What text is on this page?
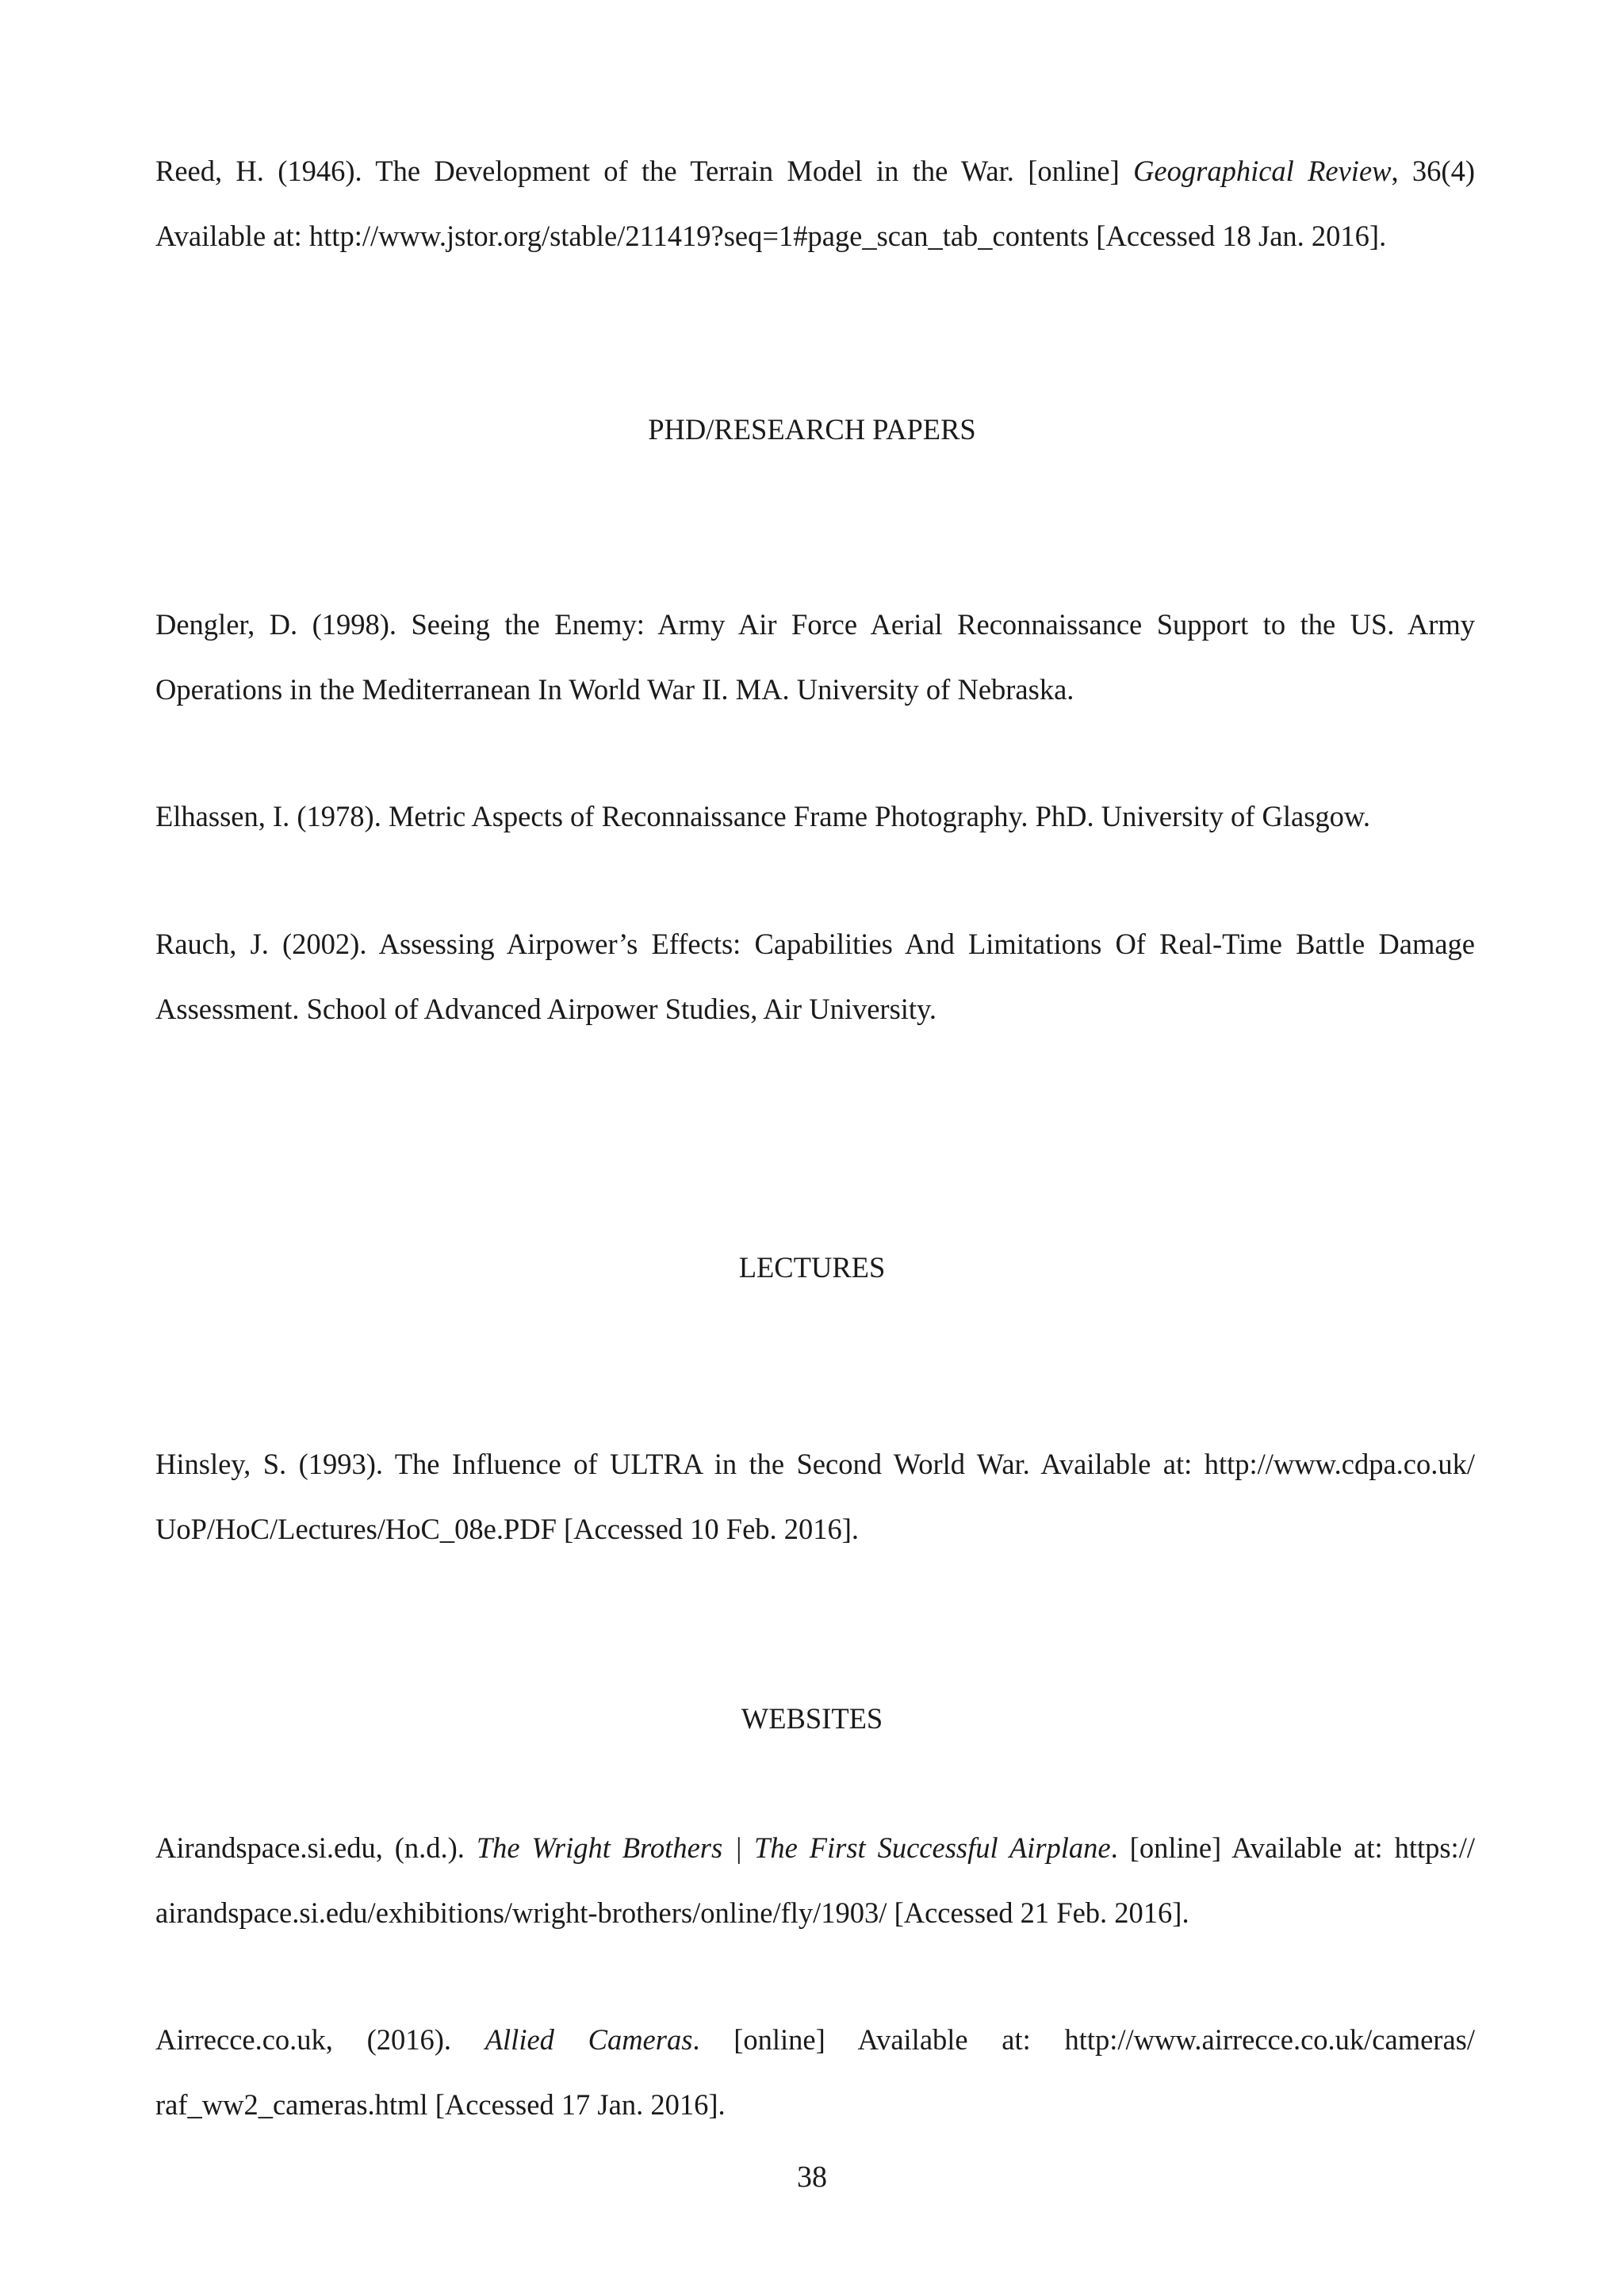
Reed, H. (1946). The Development of the Terrain Model in the War. [online] Geographical Review, 36(4)
Available at: http://www.jstor.org/stable/211419?seq=1#page_scan_tab_contents [Accessed 18 Jan. 2016].
PHD/RESEARCH PAPERS
Dengler, D. (1998). Seeing the Enemy: Army Air Force Aerial Reconnaissance Support to the US. Army
Operations in the Mediterranean In World War II. MA. University of Nebraska.
Elhassen, I. (1978). Metric Aspects of Reconnaissance Frame Photography. PhD. University of Glasgow.
Rauch, J. (2002). Assessing Airpower’s Effects: Capabilities And Limitations Of Real-Time Battle Damage
Assessment. School of Advanced Airpower Studies, Air University.
LECTURES
Hinsley, S. (1993). The Influence of ULTRA in the Second World War. Available at: http://www.cdpa.co.uk/
UoP/HoC/Lectures/HoC_08e.PDF [Accessed 10 Feb. 2016].
WEBSITES
Airandspace.si.edu, (n.d.). The Wright Brothers | The First Successful Airplane. [online] Available at: https://
airandspace.si.edu/exhibitions/wright-brothers/online/fly/1903/ [Accessed 21 Feb. 2016].
Airrecce.co.uk, (2016). Allied Cameras. [online] Available at: http://www.airrecce.co.uk/cameras/
raf_ww2_cameras.html [Accessed 17 Jan. 2016].
38
